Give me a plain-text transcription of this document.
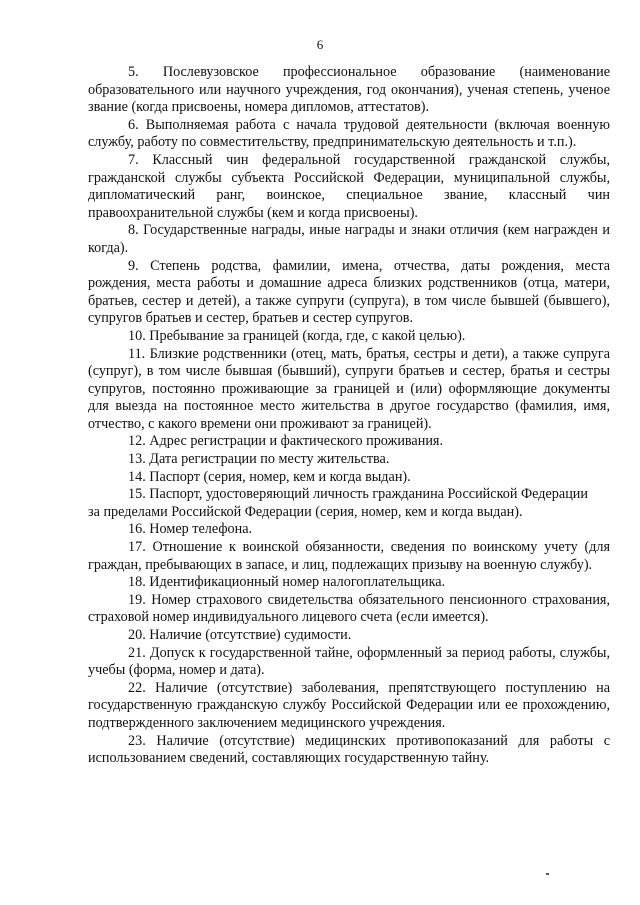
6

5. Послевузовское профессиональное образование (наименование образовательного или научного учреждения, год окончания), ученая степень, ученое звание (когда присвоены, номера дипломов, аттестатов).

6. Выполняемая работа с начала трудовой деятельности (включая военную службу, работу по совместительству, предпринимательскую деятельность и т.п.).

7. Классный чин федеральной государственной гражданской службы, гражданской службы субъекта Российской Федерации, муниципальной службы, дипломатический ранг, воинское, специальное звание, классный чин правоохранительной службы (кем и когда присвоены).

8. Государственные награды, иные награды и знаки отличия (кем награжден и когда).

9. Степень родства, фамилии, имена, отчества, даты рождения, места рождения, места работы и домашние адреса близких родственников (отца, матери, братьев, сестер и детей), а также супруги (супруга), в том числе бывшей (бывшего), супругов братьев и сестер, братьев и сестер супругов.

10. Пребывание за границей (когда, где, с какой целью).

11. Близкие родственники (отец, мать, братья, сестры и дети), а также супруга (супруг), в том числе бывшая (бывший), супруги братьев и сестер, братья и сестры супругов, постоянно проживающие за границей и (или) оформляющие документы для выезда на постоянное место жительства в другое государство (фамилия, имя, отчество, с какого времени они проживают за границей).

12. Адрес регистрации и фактического проживания.

13. Дата регистрации по месту жительства.

14. Паспорт (серия, номер, кем и когда выдан).

15. Паспорт, удостоверяющий личность гражданина Российской Федерации

за пределами Российской Федерации (серия, номер, кем и когда выдан).

16. Номер телефона.

17. Отношение к воинской обязанности, сведения по воинскому учету (для граждан, пребывающих в запасе, и лиц, подлежащих призыву на военную службу).

18. Идентификационный номер налогоплательщика.

19. Номер страхового свидетельства обязательного пенсионного страхования, страховой номер индивидуального лицевого счета (если имеется).

20. Наличие (отсутствие) судимости.

21. Допуск к государственной тайне, оформленный за период работы, службы, учебы (форма, номер и дата).

22. Наличие (отсутствие) заболевания, препятствующего поступлению на государственную гражданскую службу Российской Федерации или ее прохождению, подтвержденного заключением медицинского учреждения.

23. Наличие (отсутствие) медицинских противопоказаний для работы с использованием сведений, составляющих государственную тайну.
